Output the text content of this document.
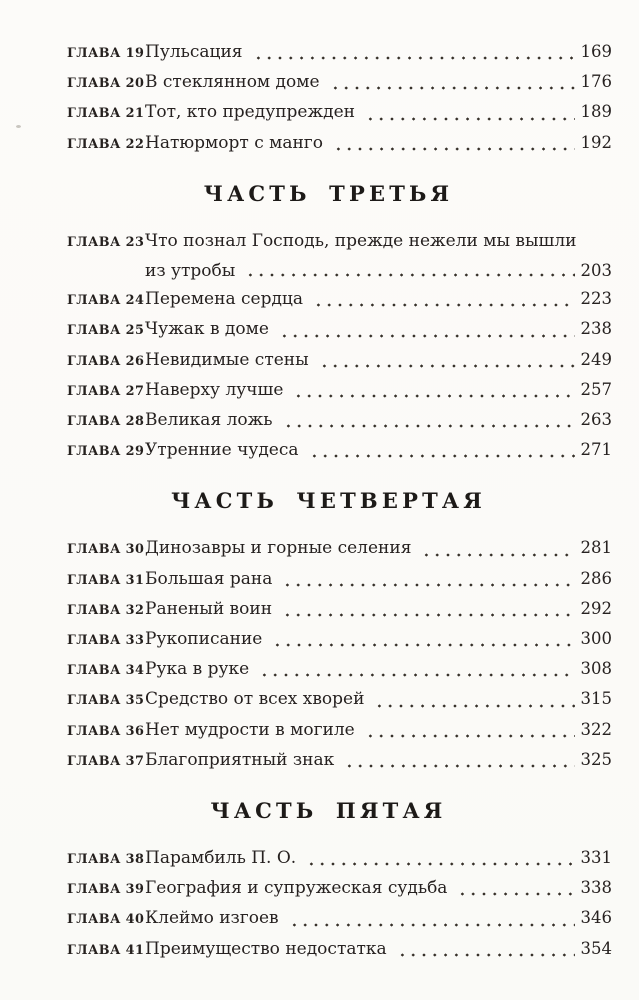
ГЛАВА 19 Пульсация	169
ГЛАВА 20 В стеклянном доме	176
ГЛАВА 21 Тот, кто предупрежден	189
ГЛАВА 22 Натюрморт с манго	192
ЧАСТЬ ТРЕТЬЯ
ГЛАВА 23 Что познал Господь, прежде нежели мы вышли
из утробы	203
ГЛАВА 24 Перемена сердца	223
ГЛАВА 25 Чужак в доме	238
ГЛАВА 26 Невидимые стены	249
ГЛАВА 27 Наверху лучше	257
ГЛАВА 28 Великая ложь	263
ГЛАВА 29 Утренние чудеса	271
ЧАСТЬ ЧЕТВЕРТАЯ
ГЛАВА 30 Динозавры и горные селения	281
ГЛАВА 31 Большая рана	286
ГЛАВА 32 Раненый воин	292
ГЛАВА 33 Рукописание	300
ГЛАВА 34 Рука в руке	308
ГЛАВА 35 Средство от всех хворей	315
ГЛАВА 36 Нет мудрости в могиле	322
ГЛАВА 37 Благоприятный знак	325
ЧАСТЬ ПЯТАЯ
ГЛАВА 38 Парамбиль П. О.	331
ГЛАВА 39 География и супружеская судьба	338
ГЛАВА 40 Клеймо изгоев	346
ГЛАВА 41 Преимущество недостатка	354
